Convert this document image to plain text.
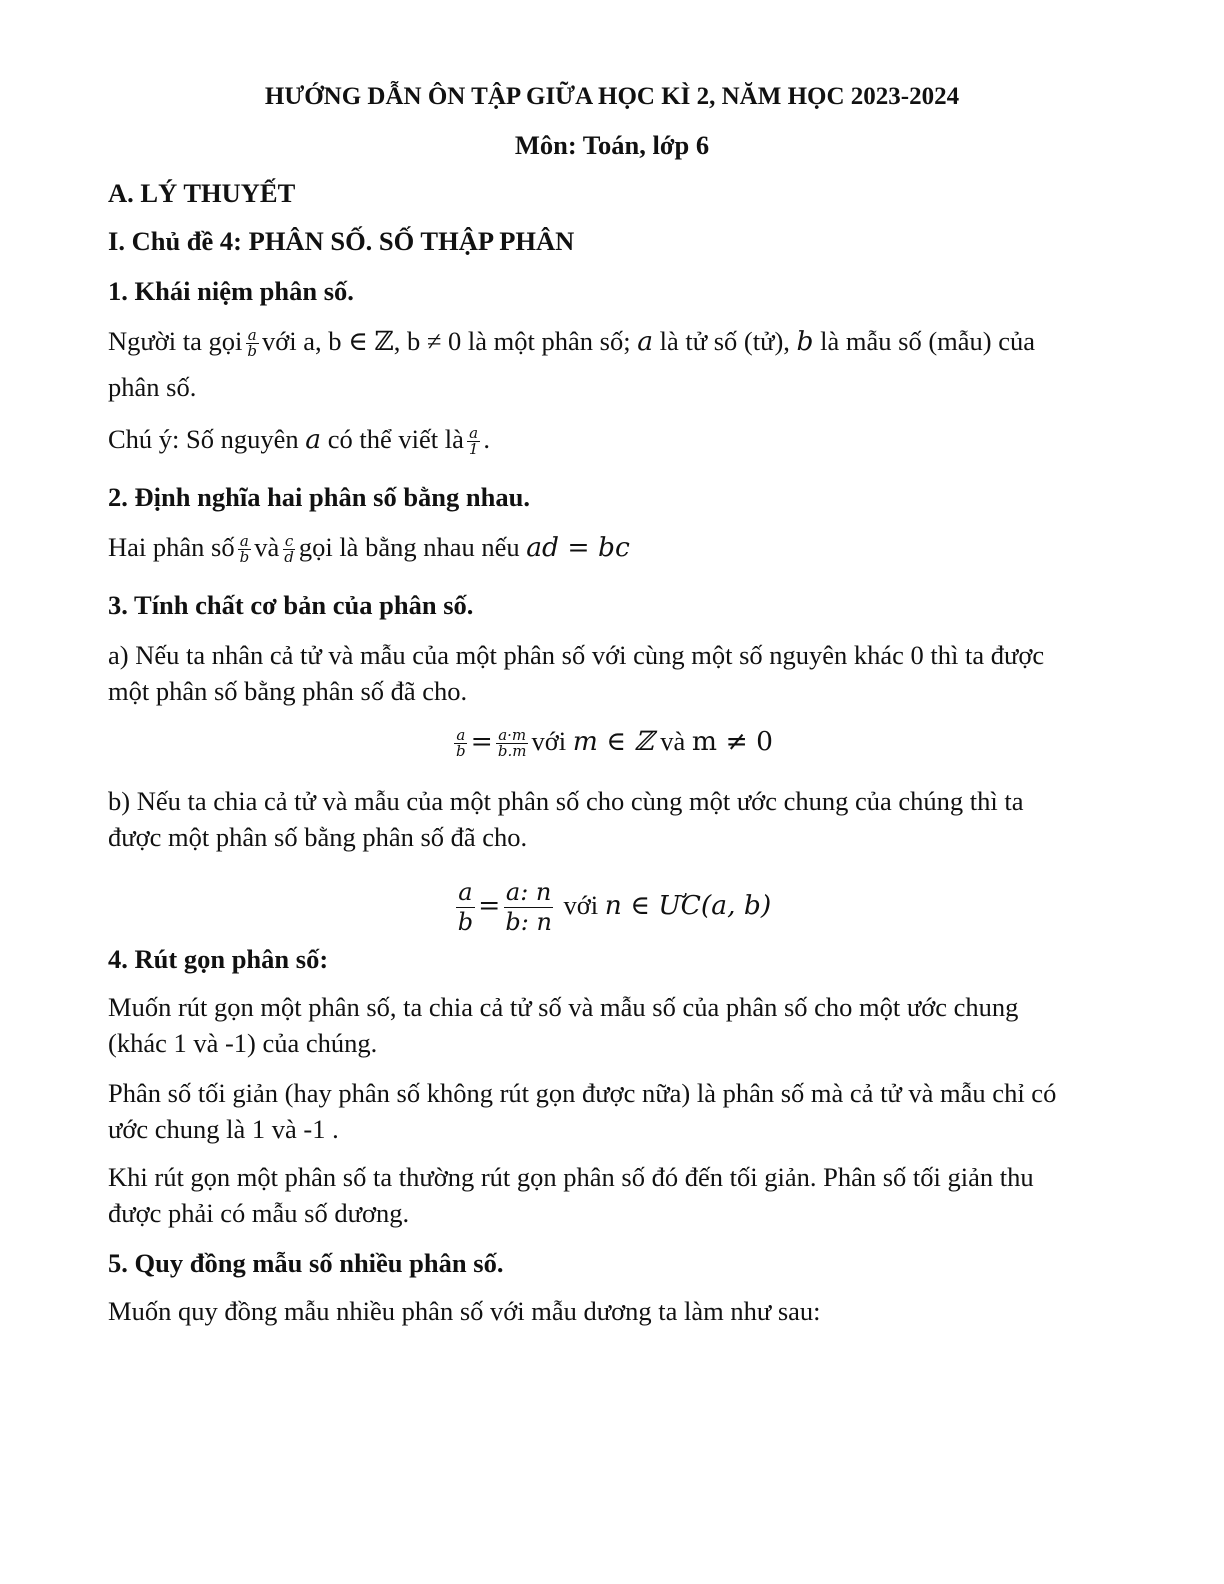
HƯỚNG DẪN ÔN TẬP GIỮA HỌC KÌ 2, NĂM HỌC 2023-2024
Môn: Toán, lớp 6
A. LÝ THUYẾT
I. Chủ đề 4: PHÂN SỐ. SỐ THẬP PHÂN
1. Khái niệm phân số.
Người ta gọi $\frac{a}{b}$ với a, b ∈ ℤ, b ≠ 0 là một phân số; a là tử số (tử), b là mẫu số (mẫu) của
phân số.
Chú ý: Số nguyên a có thể viết là $\frac{a}{1}$ .
2. Định nghĩa hai phân số bằng nhau.
Hai phân số $\frac{a}{b}$ và $\frac{c}{d}$ gọi là bằng nhau nếu ad = bc
3. Tính chất cơ bản của phân số.
a) Nếu ta nhân cả tử và mẫu của một phân số với cùng một số nguyên khác 0 thì ta được
một phân số bằng phân số đã cho.
$\frac{a}{b} = \frac{a\cdot m}{b.m}$ với m ∈ ℤ và m ≠ 0
b) Nếu ta chia cả tử và mẫu của một phân số cho cùng một ước chung của chúng thì ta
được một phân số bằng phân số đã cho.
$\frac{a}{b} = \frac{a: n}{b: n}$ với n ∈ ƯC(a, b)
4. Rút gọn phân số:
Muốn rút gọn một phân số, ta chia cả tử số và mẫu số của phân số cho một ước chung
(khác 1 và -1) của chúng.
Phân số tối giản (hay phân số không rút gọn được nữa) là phân số mà cả tử và mẫu chỉ có
ước chung là 1 và -1 .
Khi rút gọn một phân số ta thường rút gọn phân số đó đến tối giản. Phân số tối giản thu
được phải có mẫu số dương.
5. Quy đồng mẫu số nhiều phân số.
Muốn quy đồng mẫu nhiều phân số với mẫu dương ta làm như sau:
